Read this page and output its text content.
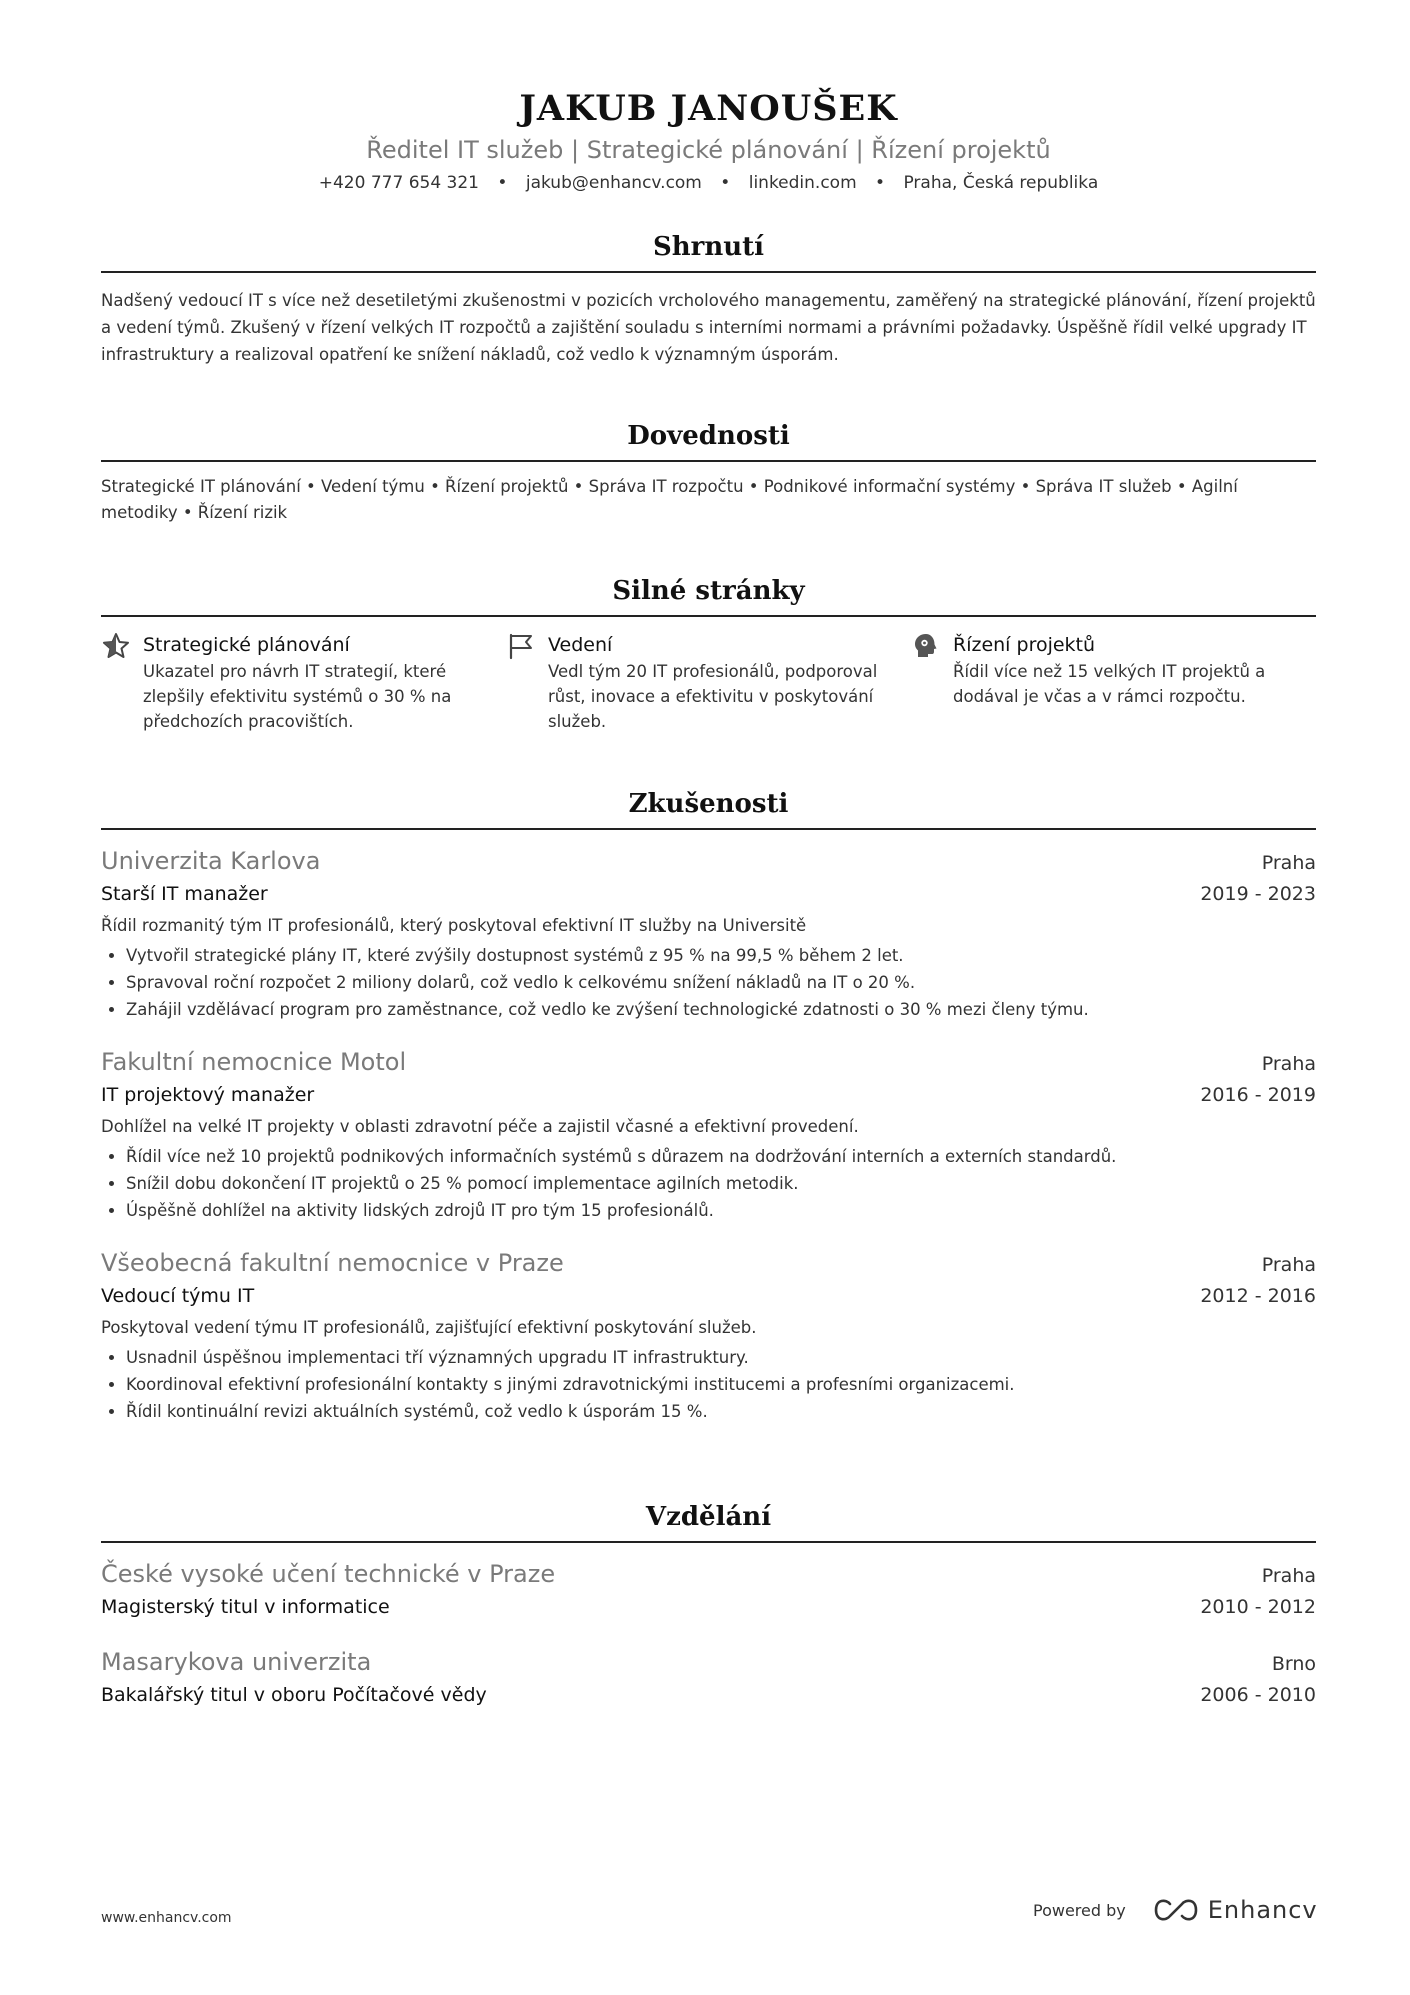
JAKUB JANOUŠEK
Ředitel IT služeb | Strategické plánování | Řízení projektů
+420 777 654 321 • jakub@enhancv.com • linkedin.com • Praha, Česká republika
Shrnutí
Nadšený vedoucí IT s více než desetiletými zkušenostmi v pozicích vrcholového managementu, zaměřený na strategické plánování, řízení projektů a vedení týmů. Zkušený v řízení velkých IT rozpočtů a zajištění souladu s interními normami a právními požadavky. Úspěšně řídil velké upgrady IT infrastruktury a realizoval opatření ke snížení nákladů, což vedlo k významným úsporám.
Dovednosti
Strategické IT plánování • Vedení týmu • Řízení projektů • Správa IT rozpočtu • Podnikové informační systémy • Správa IT služeb • Agilní metodiky • Řízení rizik
Silné stránky
Strategické plánování
Ukazatel pro návrh IT strategií, které zlepšily efektivitu systémů o 30 % na předchozích pracovištích.
Vedení
Vedl tým 20 IT profesionálů, podporoval růst, inovace a efektivitu v poskytování služeb.
Řízení projektů
Řídil více než 15 velkých IT projektů a dodával je včas a v rámci rozpočtu.
Zkušenosti
Univerzita Karlova	Praha
Starší IT manažer	2019 - 2023
Řídil rozmanitý tým IT profesionálů, který poskytoval efektivní IT služby na Universitě
• Vytvořil strategické plány IT, které zvýšily dostupnost systémů z 95 % na 99,5 % během 2 let.
• Spravoval roční rozpočet 2 miliony dolarů, což vedlo k celkovému snížení nákladů na IT o 20 %.
• Zahájil vzdělávací program pro zaměstnance, což vedlo ke zvýšení technologické zdatnosti o 30 % mezi členy týmu.
Fakultní nemocnice Motol	Praha
IT projektový manažer	2016 - 2019
Dohlížel na velké IT projekty v oblasti zdravotní péče a zajistil včasné a efektivní provedení.
• Řídil více než 10 projektů podnikových informačních systémů s důrazem na dodržování interních a externích standardů.
• Snížil dobu dokončení IT projektů o 25 % pomocí implementace agilních metodik.
• Úspěšně dohlížel na aktivity lidských zdrojů IT pro tým 15 profesionálů.
Všeobecná fakultní nemocnice v Praze	Praha
Vedoucí týmu IT	2012 - 2016
Poskytoval vedení týmu IT profesionálů, zajišťující efektivní poskytování služeb.
• Usnadnil úspěšnou implementaci tří významných upgradu IT infrastruktury.
• Koordinoval efektivní profesionální kontakty s jinými zdravotnickými institucemi a profesními organizacemi.
• Řídil kontinuální revizi aktuálních systémů, což vedlo k úsporám 15 %.
Vzdělání
České vysoké učení technické v Praze	Praha
Magisterský titul v informatice	2010 - 2012
Masarykova univerzita	Brno
Bakalářský titul v oboru Počítačové vědy	2006 - 2010
www.enhancv.com	Powered by	Enhancv
